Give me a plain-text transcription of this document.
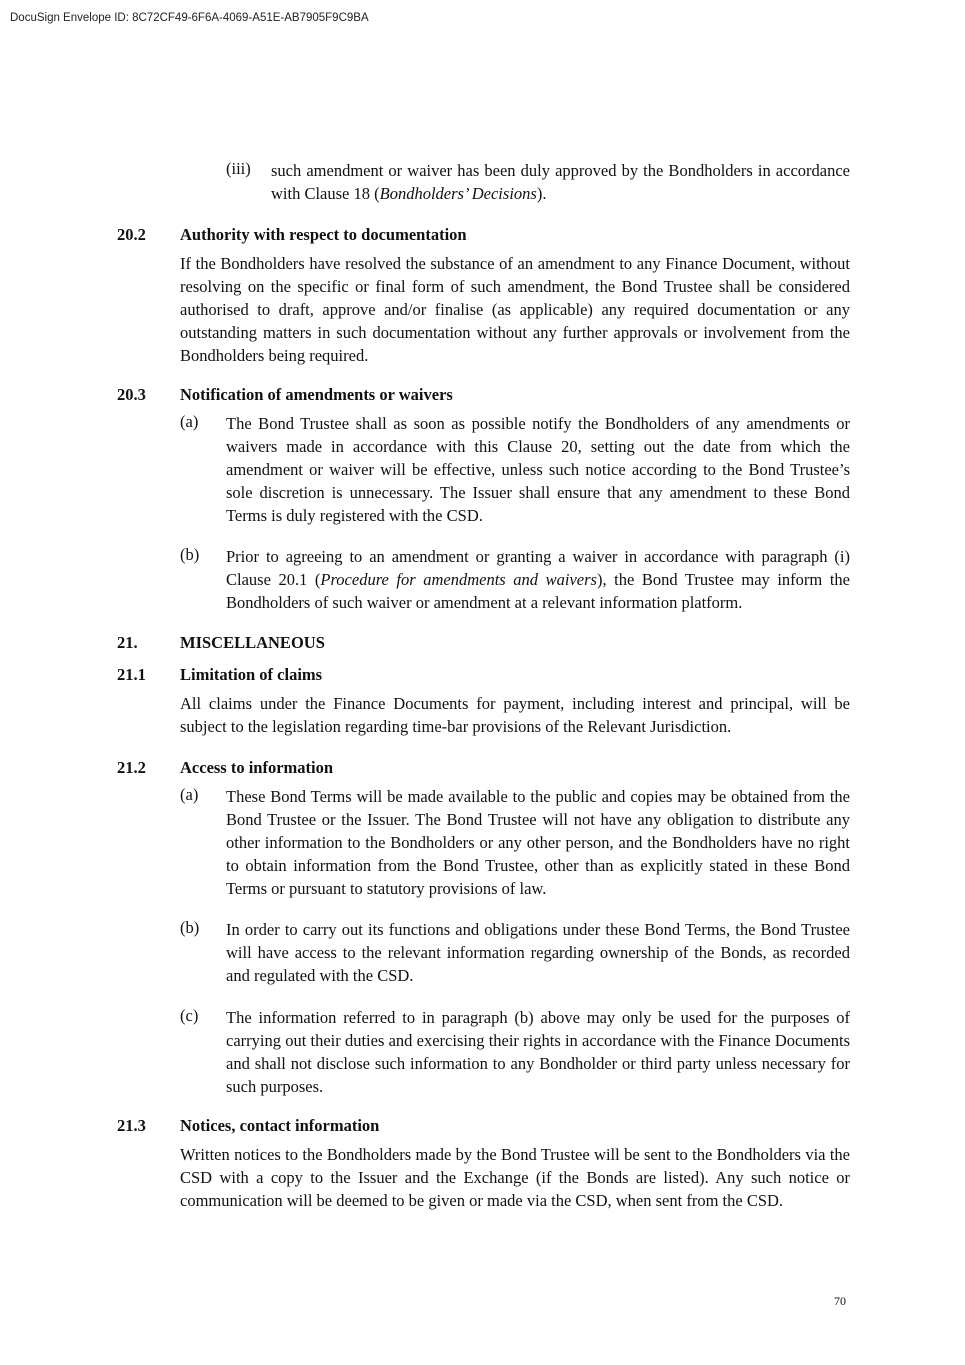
DocuSign Envelope ID: 8C72CF49-6F6A-4069-A51E-AB7905F9C9BA
(iii) such amendment or waiver has been duly approved by the Bondholders in accordance with Clause 18 (Bondholders’ Decisions).
20.2 Authority with respect to documentation
If the Bondholders have resolved the substance of an amendment to any Finance Document, without resolving on the specific or final form of such amendment, the Bond Trustee shall be considered authorised to draft, approve and/or finalise (as applicable) any required documentation or any outstanding matters in such documentation without any further approvals or involvement from the Bondholders being required.
20.3 Notification of amendments or waivers
(a) The Bond Trustee shall as soon as possible notify the Bondholders of any amendments or waivers made in accordance with this Clause 20, setting out the date from which the amendment or waiver will be effective, unless such notice according to the Bond Trustee’s sole discretion is unnecessary. The Issuer shall ensure that any amendment to these Bond Terms is duly registered with the CSD.
(b) Prior to agreeing to an amendment or granting a waiver in accordance with paragraph (i) Clause 20.1 (Procedure for amendments and waivers), the Bond Trustee may inform the Bondholders of such waiver or amendment at a relevant information platform.
21.	MISCELLANEOUS
21.1 Limitation of claims
All claims under the Finance Documents for payment, including interest and principal, will be subject to the legislation regarding time-bar provisions of the Relevant Jurisdiction.
21.2 Access to information
(a) These Bond Terms will be made available to the public and copies may be obtained from the Bond Trustee or the Issuer. The Bond Trustee will not have any obligation to distribute any other information to the Bondholders or any other person, and the Bondholders have no right to obtain information from the Bond Trustee, other than as explicitly stated in these Bond Terms or pursuant to statutory provisions of law.
(b) In order to carry out its functions and obligations under these Bond Terms, the Bond Trustee will have access to the relevant information regarding ownership of the Bonds, as recorded and regulated with the CSD.
(c) The information referred to in paragraph (b) above may only be used for the purposes of carrying out their duties and exercising their rights in accordance with the Finance Documents and shall not disclose such information to any Bondholder or third party unless necessary for such purposes.
21.3 Notices, contact information
Written notices to the Bondholders made by the Bond Trustee will be sent to the Bondholders via the CSD with a copy to the Issuer and the Exchange (if the Bonds are listed). Any such notice or communication will be deemed to be given or made via the CSD, when sent from the CSD.
70
